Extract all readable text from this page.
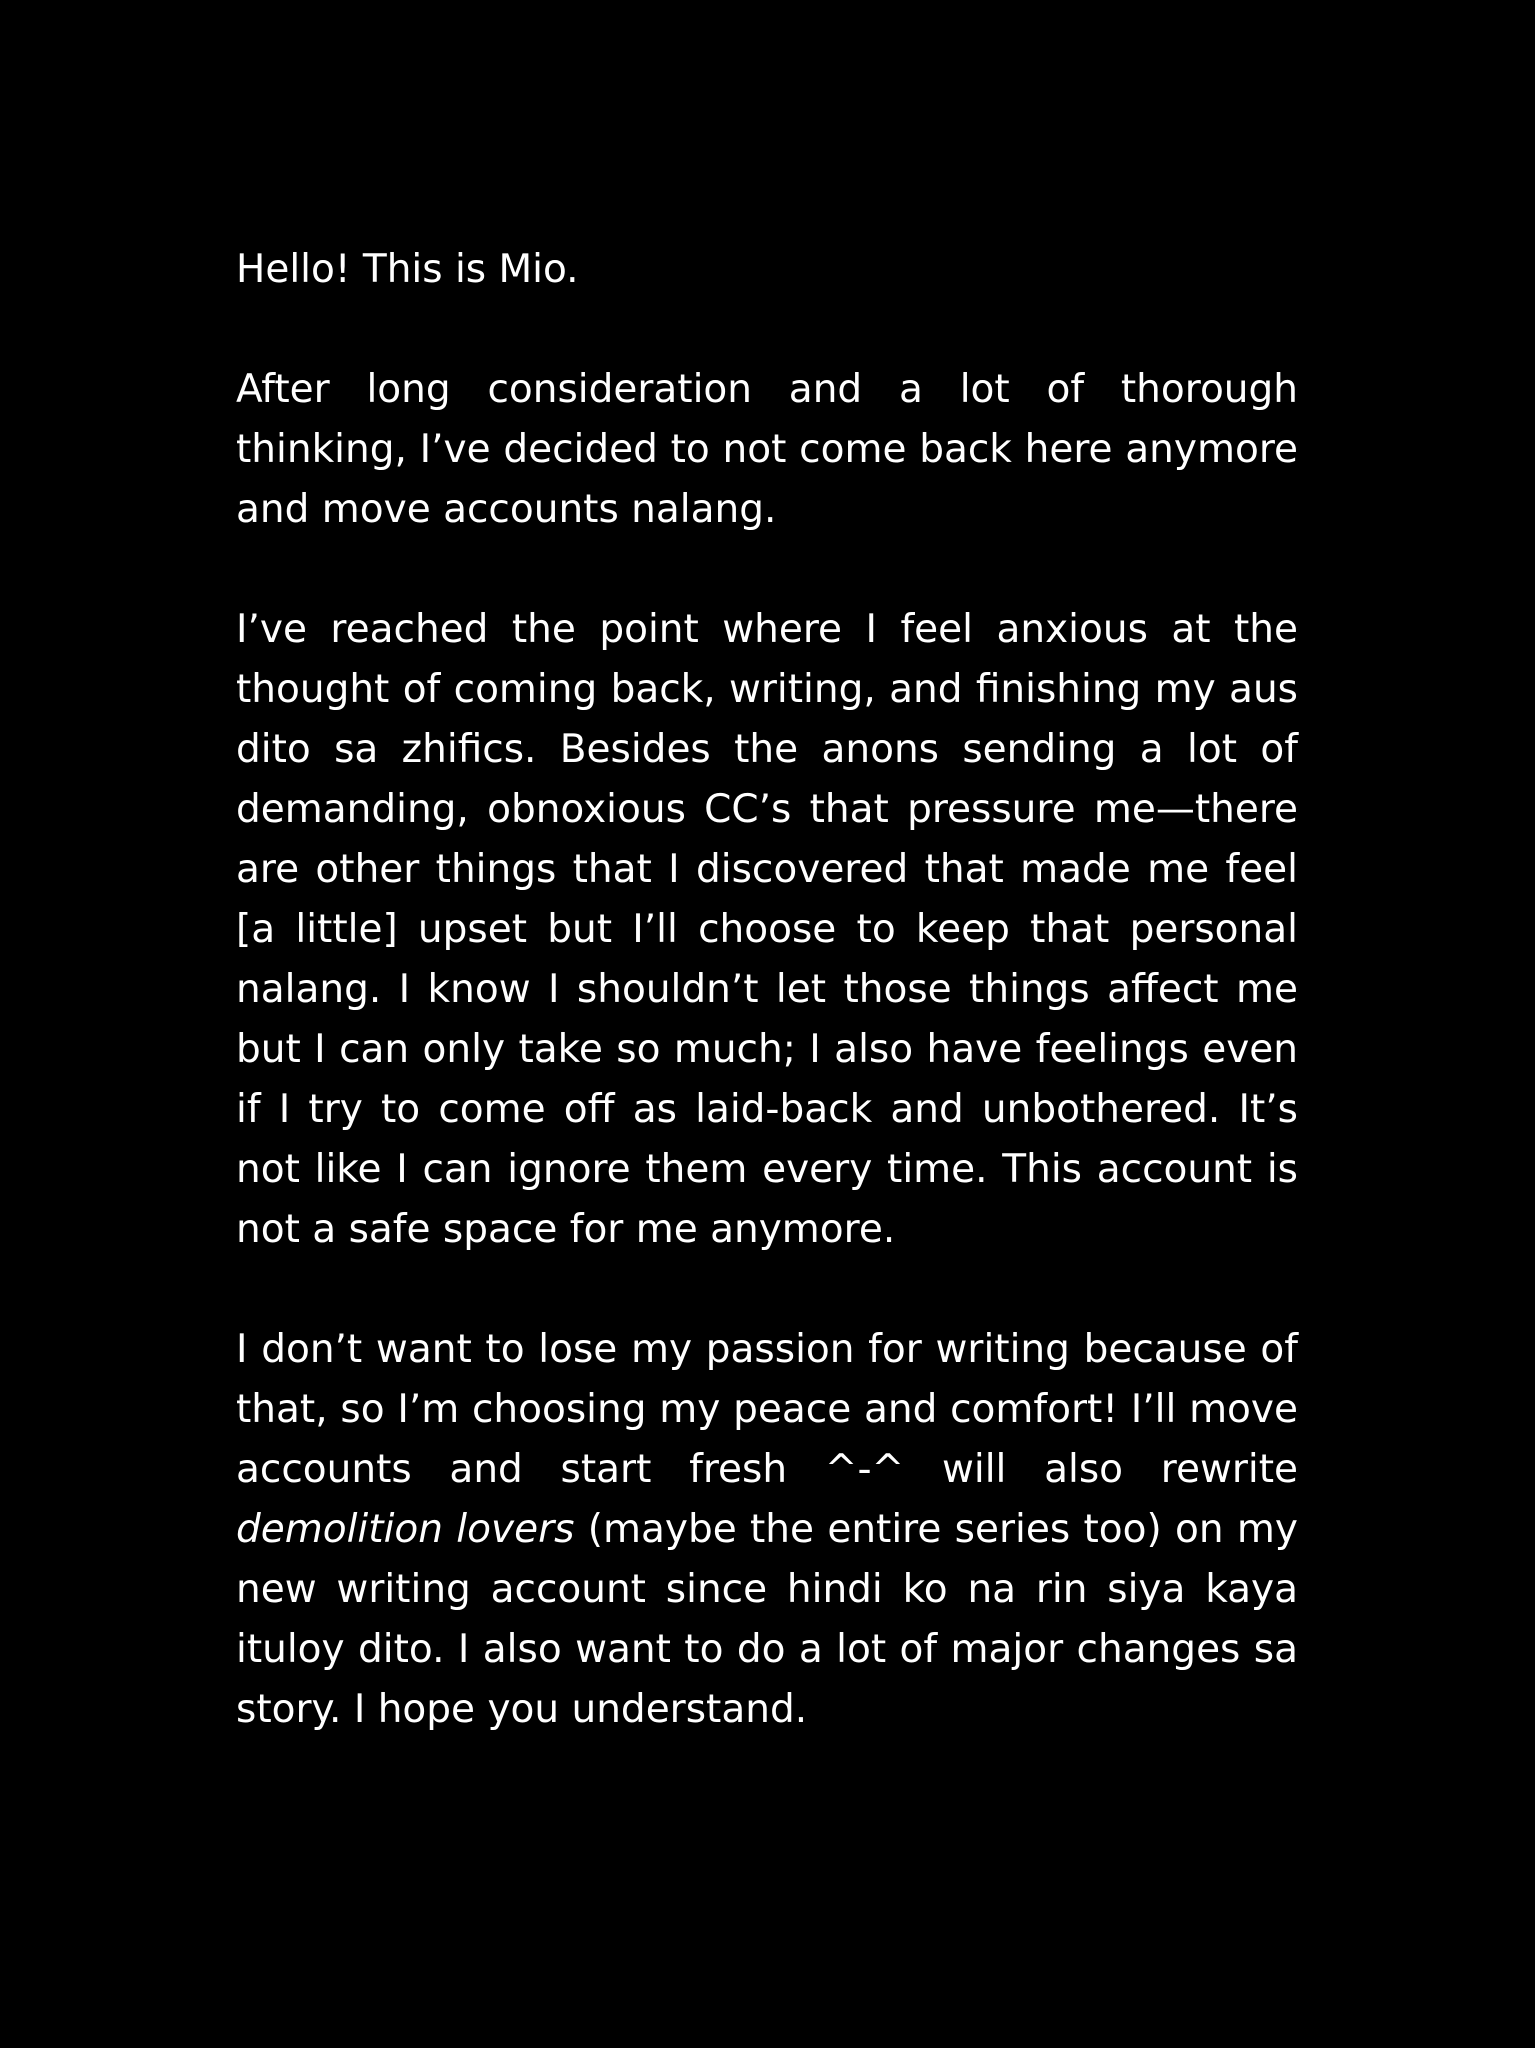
Hello! This is Mio.

After long consideration and a lot of thorough thinking, I’ve decided to not come back here anymore and move accounts nalang.

I’ve reached the point where I feel anxious at the thought of coming back, writing, and finishing my aus dito sa zhifics. Besides the anons sending a lot of demanding, obnoxious CC’s that pressure me—there are other things that I discovered that made me feel [a little] upset but I’ll choose to keep that personal nalang. I know I shouldn’t let those things affect me but I can only take so much; I also have feelings even if I try to come off as laid-back and unbothered. It’s not like I can ignore them every time. This account is not a safe space for me anymore.

I don’t want to lose my passion for writing because of that, so I’m choosing my peace and comfort! I’ll move accounts and start fresh ^-^ will also rewrite demolition lovers (maybe the entire series too) on my new writing account since hindi ko na rin siya kaya ituloy dito. I also want to do a lot of major changes sa story. I hope you understand.
